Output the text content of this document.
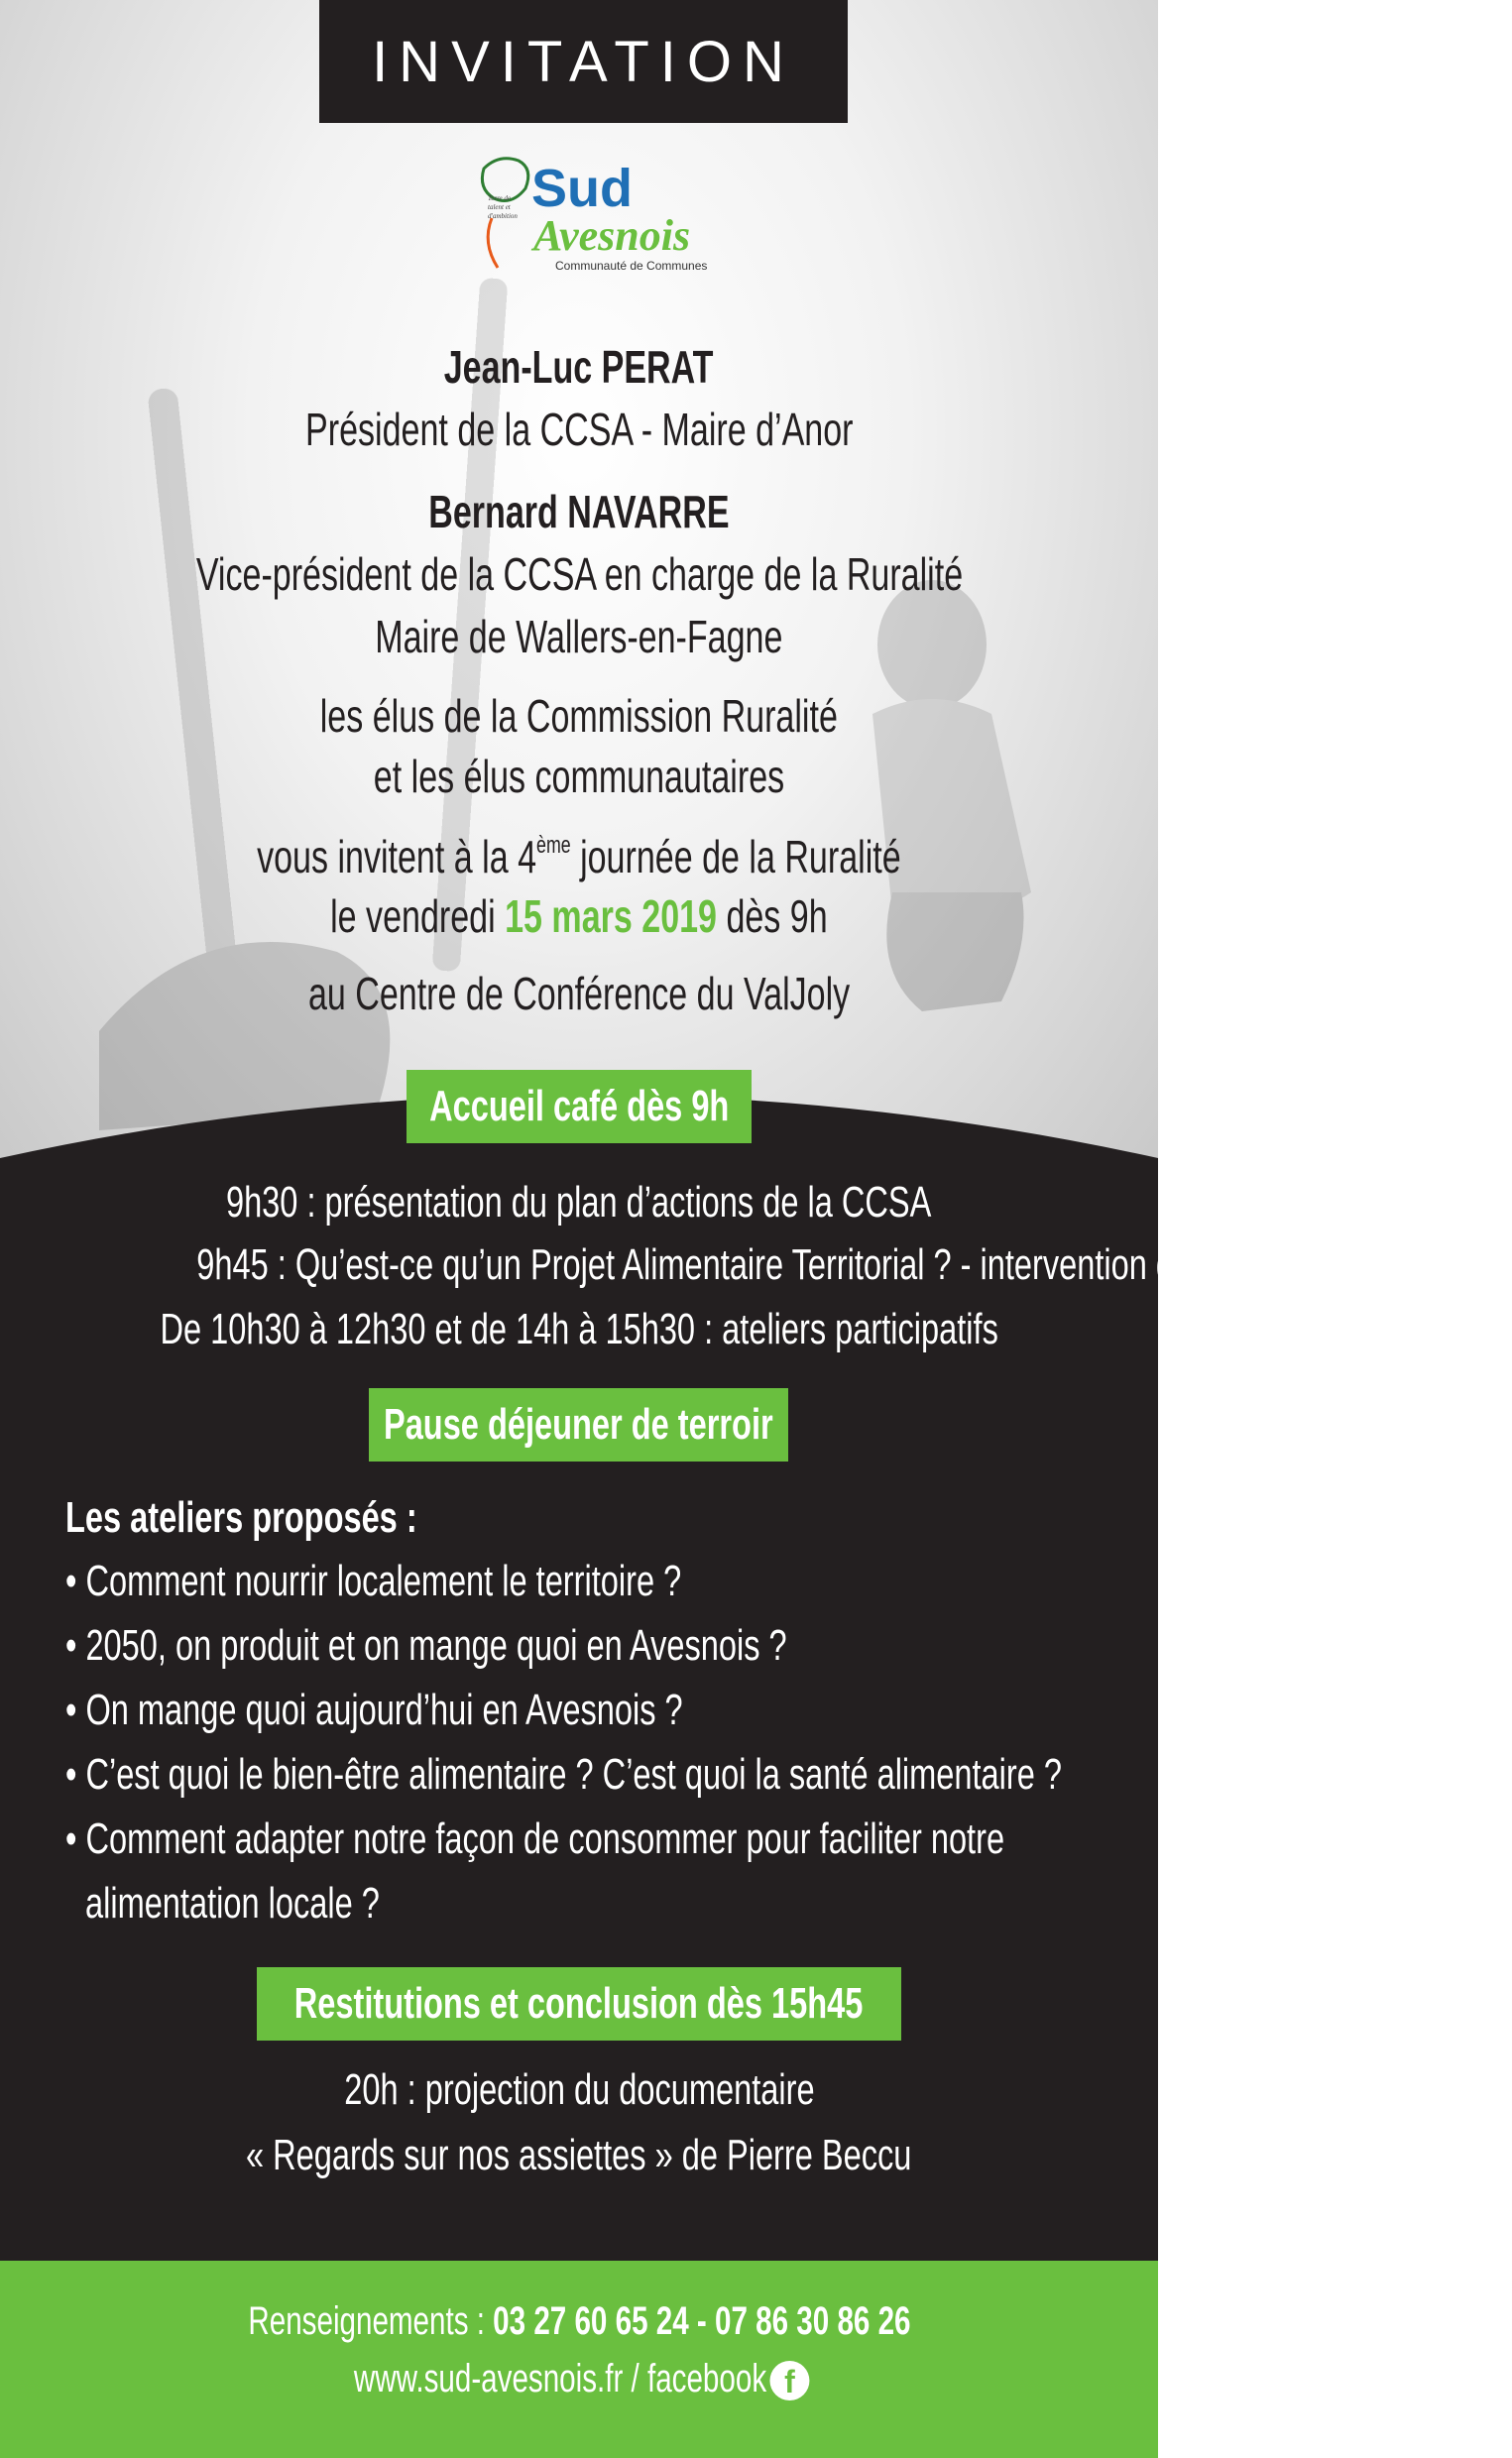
INVITATION
Terre de
talent et
d'ambition Sud
Avesnois
Communauté de Communes
Jean-Luc PERAT
Président de la CCSA - Maire d’Anor
Bernard NAVARRE
Vice-président de la CCSA en charge de la Ruralité
Maire de Wallers-en-Fagne
les élus de la Commission Ruralité
et les élus communautaires
vous invitent à la 4ème journée de la Ruralité
le vendredi 15 mars 2019 dès 9h
au Centre de Conférence du ValJoly
Accueil café dès 9h
9h30 : présentation du plan d’actions de la CCSA
9h45 : Qu’est-ce qu’un Projet Alimentaire Territorial ? - intervention du CERDD
De 10h30 à 12h30 et de 14h à 15h30 : ateliers participatifs
Pause déjeuner de terroir
Les ateliers proposés :
• Comment nourrir localement le territoire ?
• 2050, on produit et on mange quoi en Avesnois ?
• On mange quoi aujourd’hui en Avesnois ?
• C’est quoi le bien-être alimentaire ? C’est quoi la santé alimentaire ?
• Comment adapter notre façon de consommer pour faciliter notre
alimentation locale ?
Restitutions et conclusion dès 15h45
20h : projection du documentaire
« Regards sur nos assiettes » de Pierre Beccu
Renseignements : 03 27 60 65 24 - 07 86 30 86 26
www.sud-avesnois.fr / facebook f
